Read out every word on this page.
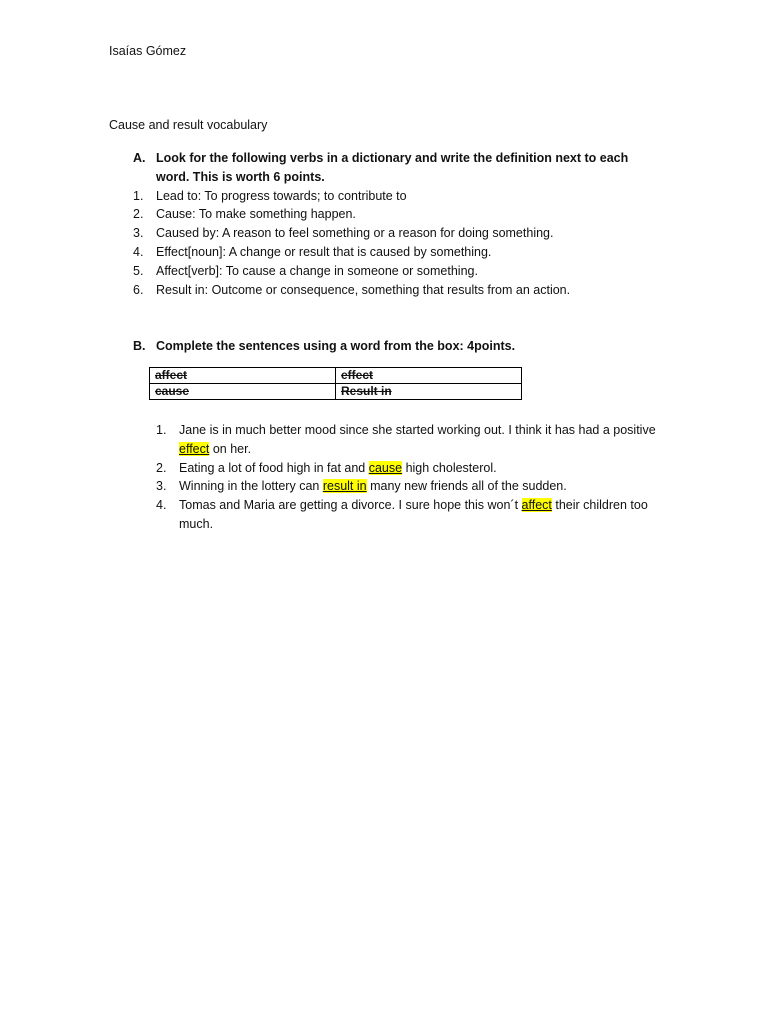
Isaías Gómez
Cause and result vocabulary
A. Look for the following verbs in a dictionary and write the definition next to each word. This is worth 6 points.
1.	Lead to: To progress towards; to contribute to
2.	Cause: To make something happen.
3.	Caused by: A reason to feel something or a reason for doing something.
4.	Effect[noun]: A change or result that is caused by something.
5.	Affect[verb]: To cause a change in someone or something.
6.	Result in: Outcome or consequence, something that results from an action.
B. Complete the sentences using a word from the box: 4points.
affect	effect
cause	Result in
1.	Jane is in much better mood since she started working out. I think it has had a positive effect on her.
2.	Eating a lot of food high in fat and cause high cholesterol.
3.	Winning in the lottery can result in many new friends all of the sudden.
4.	Tomas and Maria are getting a divorce. I sure hope this won´t affect their children too much.
